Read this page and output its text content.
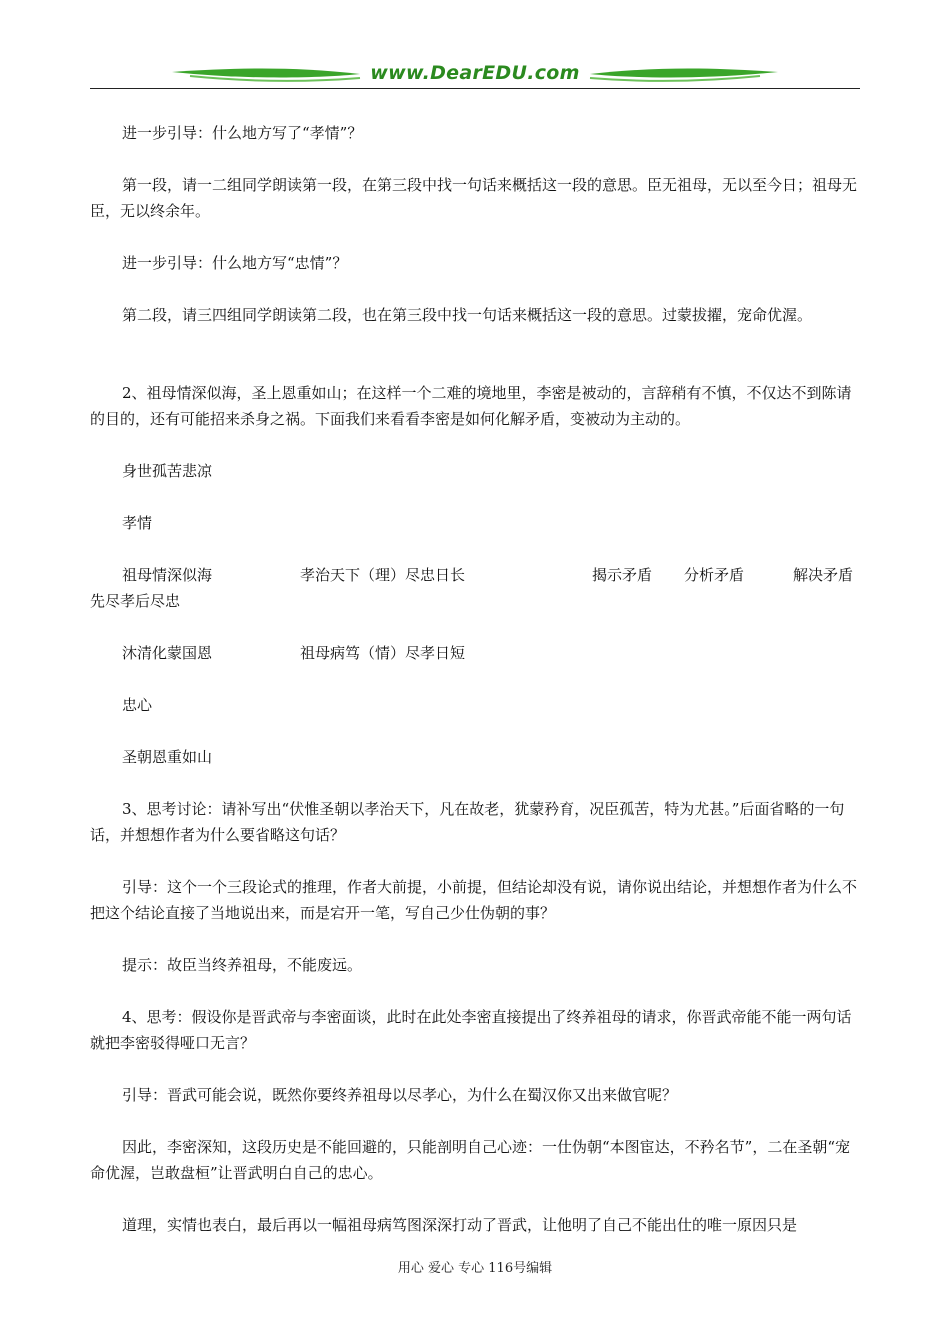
www.DearEDU.com

进一步引导：什么地方写了“孝情”？

第一段，请一二组同学朗读第一段，在第三段中找一句话来概括这一段的意思。臣无祖母，无以至今日；祖母无臣，无以终余年。

进一步引导：什么地方写“忠情”？

第二段，请三四组同学朗读第二段，也在第三段中找一句话来概括这一段的意思。过蒙拔擢，宠命优渥。

2、祖母情深似海，圣上恩重如山；在这样一个二难的境地里，李密是被动的，言辞稍有不慎，不仅达不到陈请的目的，还有可能招来杀身之祸。下面我们来看看李密是如何化解矛盾，变被动为主动的。

身世孤苦悲凉

孝情

祖母情深似海	孝治天下（理）尽忠日长	揭示矛盾 分析矛盾	解决矛盾

先尽孝后尽忠

沐清化蒙国恩	祖母病笃（情）尽孝日短

忠心

圣朝恩重如山

3、思考讨论：请补写出“伏惟圣朝以孝治天下，凡在故老，犹蒙矜育，况臣孤苦，特为尤甚。”后面省略的一句话，并想想作者为什么要省略这句话？

引导：这个一个三段论式的推理，作者大前提，小前提，但结论却没有说，请你说出结论，并想想作者为什么不把这个结论直接了当地说出来，而是宕开一笔，写自己少仕伪朝的事？

提示：故臣当终养祖母，不能废远。

4、思考：假设你是晋武帝与李密面谈，此时在此处李密直接提出了终养祖母的请求，你晋武帝能不能一两句话就把李密驳得哑口无言？

引导：晋武可能会说，既然你要终养祖母以尽孝心，为什么在蜀汉你又出来做官呢？

因此，李密深知，这段历史是不能回避的，只能剖明自己心迹：一仕伪朝“本图宦达，不矜名节”，二在圣朝“宠命优渥，岂敢盘桓”让晋武明白自己的忠心。

道理，实情也表白，最后再以一幅祖母病笃图深深打动了晋武，让他明了自己不能出仕的唯一原因只是

用心 爱心 专心 116号编辑
